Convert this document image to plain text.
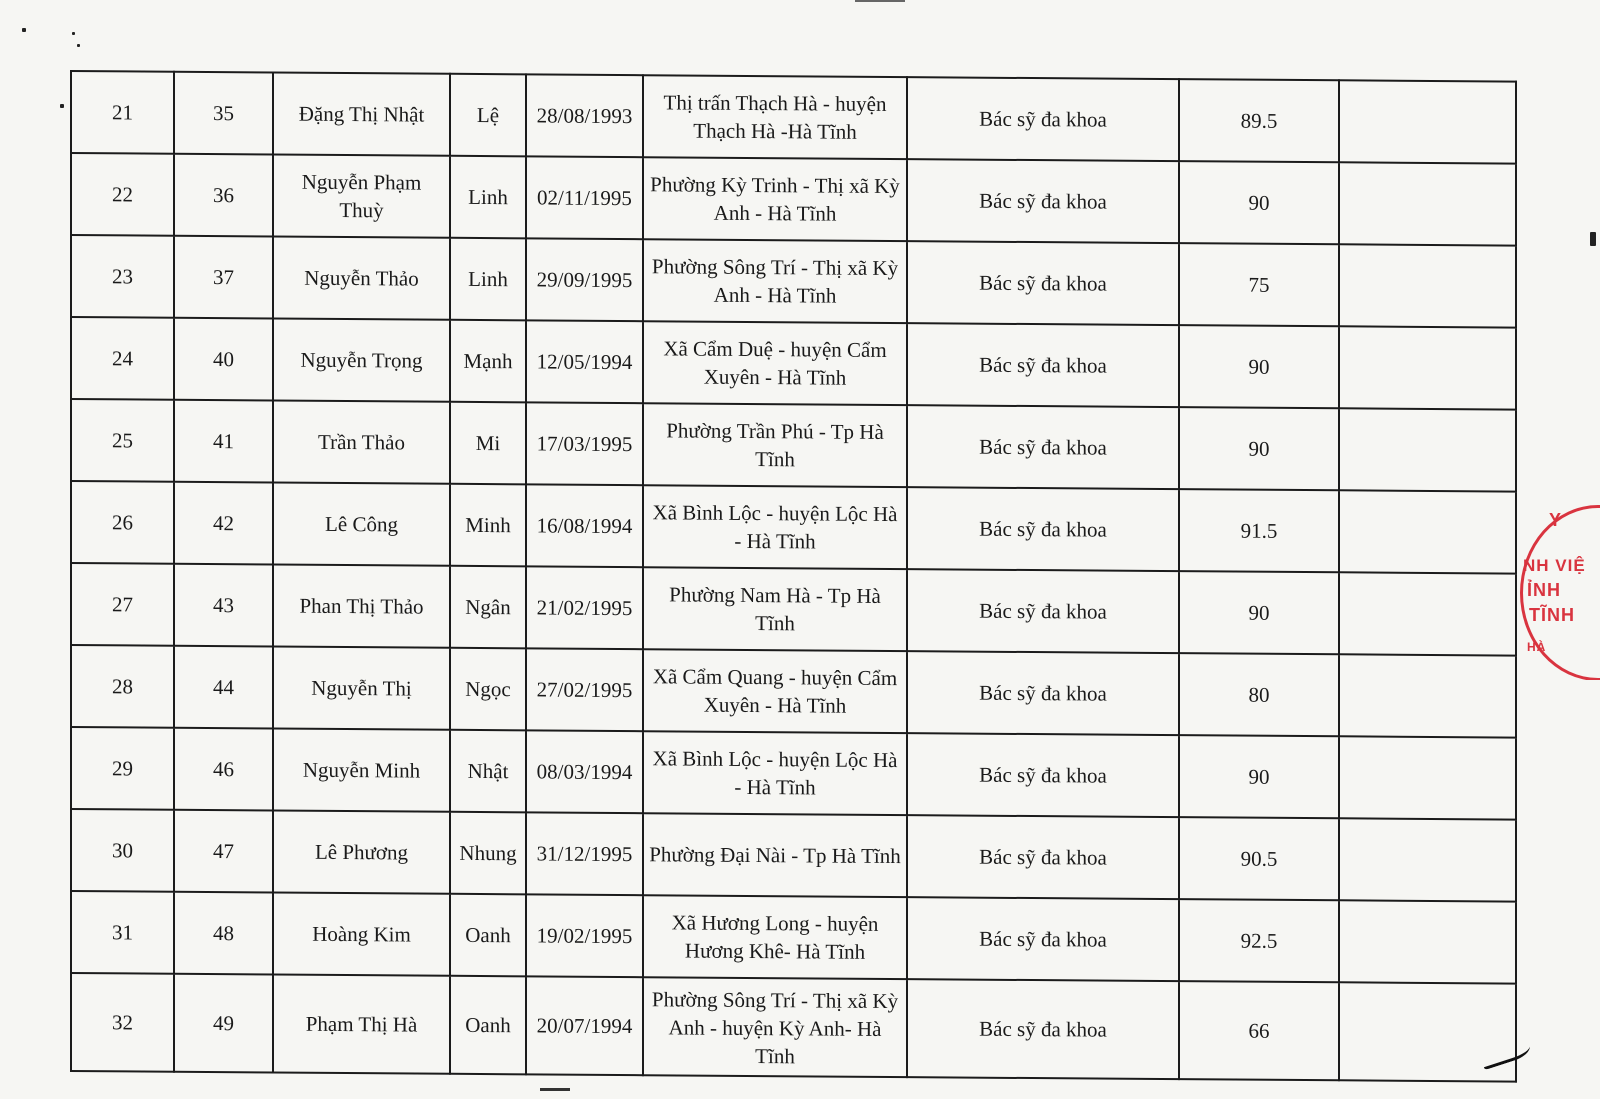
21	35	Đặng Thị Nhật	Lệ	28/08/1993	Thị trấn Thạch Hà - huyện Thạch Hà -Hà Tĩnh	Bác sỹ đa khoa	89.5	
22	36	Nguyễn Phạm Thuỳ	Linh	02/11/1995	Phường Kỳ Trinh - Thị xã Kỳ Anh - Hà Tĩnh	Bác sỹ đa khoa	90	
23	37	Nguyễn Thảo	Linh	29/09/1995	Phường Sông Trí - Thị xã Kỳ Anh - Hà Tĩnh	Bác sỹ đa khoa	75	
24	40	Nguyễn Trọng	Mạnh	12/05/1994	Xã Cẩm Duệ - huyện Cẩm Xuyên - Hà Tĩnh	Bác sỹ đa khoa	90	
25	41	Trần Thảo	Mi	17/03/1995	Phường Trần Phú - Tp Hà Tĩnh	Bác sỹ đa khoa	90	
26	42	Lê Công	Minh	16/08/1994	Xã Bình Lộc - huyện Lộc Hà - Hà Tĩnh	Bác sỹ đa khoa	91.5	
27	43	Phan Thị Thảo	Ngân	21/02/1995	Phường Nam Hà - Tp Hà Tĩnh	Bác sỹ đa khoa	90	
28	44	Nguyễn Thị	Ngọc	27/02/1995	Xã Cẩm Quang - huyện Cẩm Xuyên - Hà Tĩnh	Bác sỹ đa khoa	80	
29	46	Nguyễn Minh	Nhật	08/03/1994	Xã Bình Lộc - huyện Lộc Hà - Hà Tĩnh	Bác sỹ đa khoa	90	
30	47	Lê Phương	Nhung	31/12/1995	Phường Đại Nài - Tp Hà Tĩnh	Bác sỹ đa khoa	90.5	
31	48	Hoàng Kim	Oanh	19/02/1995	Xã Hương Long - huyện Hương Khê- Hà Tĩnh	Bác sỹ đa khoa	92.5	
32	49	Phạm Thị Hà	Oanh	20/07/1994	Phường Sông Trí - Thị xã Kỳ Anh - huyện Kỳ Anh- Hà Tĩnh	Bác sỹ đa khoa	66	
Y
NH VIỆ
ỈNH
TĨNH
HÀ
